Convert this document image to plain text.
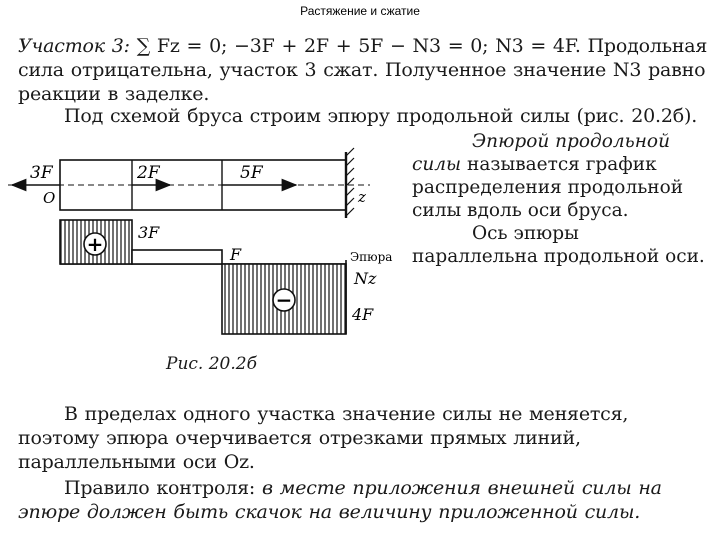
Растяжение и сжатие

Участок 3: ∑ Fz = 0; −3F + 2F + 5F − N3 = 0; N3 = 4F. Продольная сила отрицательна, участок 3 сжат. Полученное значение N3 равно реакции в заделке.

Под схемой бруса строим эпюру продольной силы (рис. 20.2б).

Эпюрой продольной силы называется график распределения продольной силы вдоль оси бруса.

Ось эпюры параллельна продольной оси.

3F
O
2F	5F
z
+
−
3F
F
4F
Эпюра
Nz
Рис. 20.2б

В пределах одного участка значение силы не меняется, поэтому эпюра очерчивается отрезками прямых линий, параллельными оси Oz.

Правило контроля: в месте приложения внешней силы на эпюре должен быть скачок на величину приложенной силы.
